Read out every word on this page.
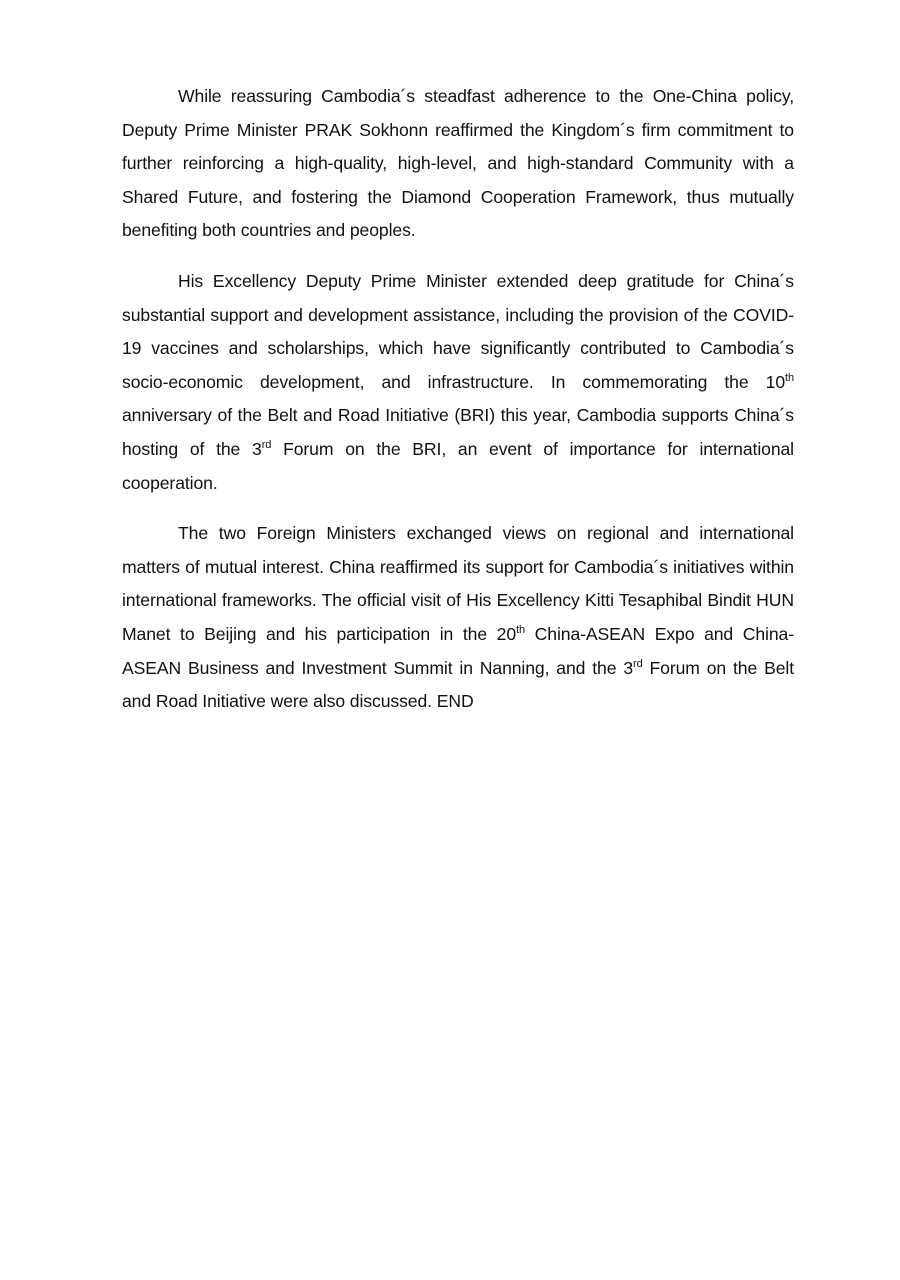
While reassuring Cambodia´s steadfast adherence to the One-China policy, Deputy Prime Minister PRAK Sokhonn reaffirmed the Kingdom´s firm commitment to further reinforcing a high-quality, high-level, and high-standard Community with a Shared Future, and fostering the Diamond Cooperation Framework, thus mutually benefiting both countries and peoples.

His Excellency Deputy Prime Minister extended deep gratitude for China´s substantial support and development assistance, including the provision of the COVID-19 vaccines and scholarships, which have significantly contributed to Cambodia´s socio-economic development, and infrastructure. In commemorating the 10th anniversary of the Belt and Road Initiative (BRI) this year, Cambodia supports China´s hosting of the 3rd Forum on the BRI, an event of importance for international cooperation.

The two Foreign Ministers exchanged views on regional and international matters of mutual interest. China reaffirmed its support for Cambodia´s initiatives within international frameworks. The official visit of His Excellency Kitti Tesaphibal Bindit HUN Manet to Beijing and his participation in the 20th China-ASEAN Expo and China-ASEAN Business and Investment Summit in Nanning, and the 3rd Forum on the Belt and Road Initiative were also discussed. END
